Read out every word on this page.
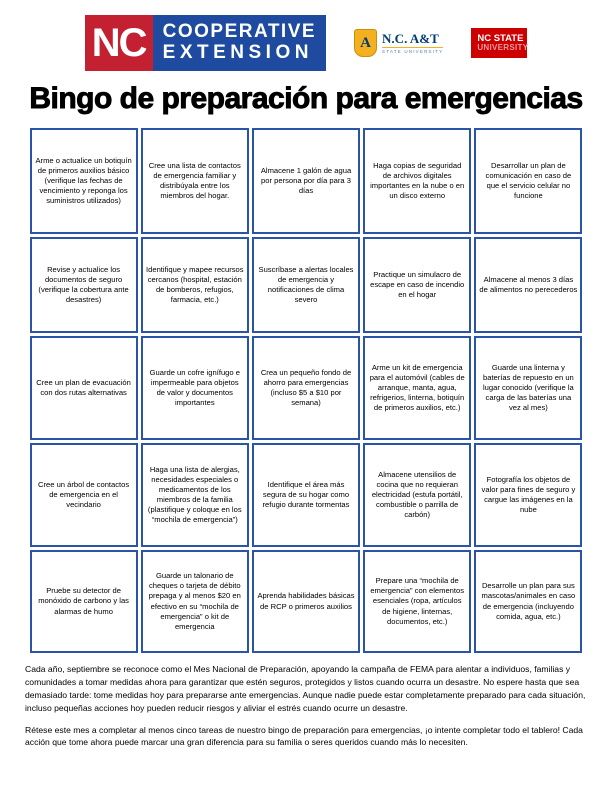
NC COOPERATIVE
EXTENSION	A N.C. A&T
STATE UNIVERSITY
NC STATE
UNIVERSITY
Bingo de preparación para emergencias
Arme o actualice un botiquín de primeros auxilios básico (verifique las fechas de vencimiento y reponga los suministros utilizados)
Cree una lista de contactos de emergencia familiar y distribúyala entre los miembros del hogar.
Almacene 1 galón de agua por persona por día para 3 días
Haga copias de seguridad de archivos digitales importantes en la nube o en un disco externo
Desarrollar un plan de comunicación en caso de que el servicio celular no funcione
Revise y actualice los documentos de seguro (verifique la cobertura ante desastres)
Identifique y mapee recursos cercanos (hospital, estación de bomberos, refugios, farmacia, etc.)
Suscríbase a alertas locales de emergencia y notificaciones de clima severo
Practique un simulacro de escape en caso de incendio en el hogar
Almacene al menos 3 días de alimentos no perecederos
Cree un plan de evacuación con dos rutas alternativas
Guarde un cofre ignífugo e impermeable para objetos de valor y documentos importantes
Crea un pequeño fondo de ahorro para emergencias (incluso $5 a $10 por semana)
Arme un kit de emergencia para el automóvil (cables de arranque, manta, agua, refrigerios, linterna, botiquín de primeros auxilios, etc.)
Guarde una linterna y baterías de repuesto en un lugar conocido (verifique la carga de las baterías una vez al mes)
Cree un árbol de contactos de emergencia en el vecindario
Haga una lista de alergias, necesidades especiales o medicamentos de los miembros de la familia (plastifique y coloque en los “mochila de emergencia”)
Identifique el área más segura de su hogar como refugio durante tormentas
Almacene utensilios de cocina que no requieran electricidad (estufa portátil, combustible o parrilla de carbón)
Fotografía los objetos de valor para fines de seguro y cargue las imágenes en la nube
Pruebe su detector de monóxido de carbono y las alarmas de humo
Guarde un talonario de cheques o tarjeta de débito prepaga y al menos $20 en efectivo en su “mochila de emergencia” o kit de emergencia
Aprenda habilidades básicas de RCP o primeros auxilios
Prepare una “mochila de emergencia” con elementos esenciales (ropa, artículos de higiene, linternas, documentos, etc.)
Desarrolle un plan para sus mascotas/animales en caso de emergencia (incluyendo comida, agua, etc.)

Cada año, septiembre se reconoce como el Mes Nacional de Preparación, apoyando la campaña de FEMA para alentar a individuos, familias y comunidades a tomar medidas ahora para garantizar que estén seguros, protegidos y listos cuando ocurra un desastre. No espere hasta que sea demasiado tarde: tome medidas hoy para prepararse ante emergencias. Aunque nadie puede estar completamente preparado para cada situación, incluso pequeñas acciones hoy pueden reducir riesgos y aliviar el estrés cuando ocurre un desastre.

Rétese este mes a completar al menos cinco tareas de nuestro bingo de preparación para emergencias, ¡o intente completar todo el tablero! Cada acción que tome ahora puede marcar una gran diferencia para su familia o seres queridos cuando más lo necesiten.
